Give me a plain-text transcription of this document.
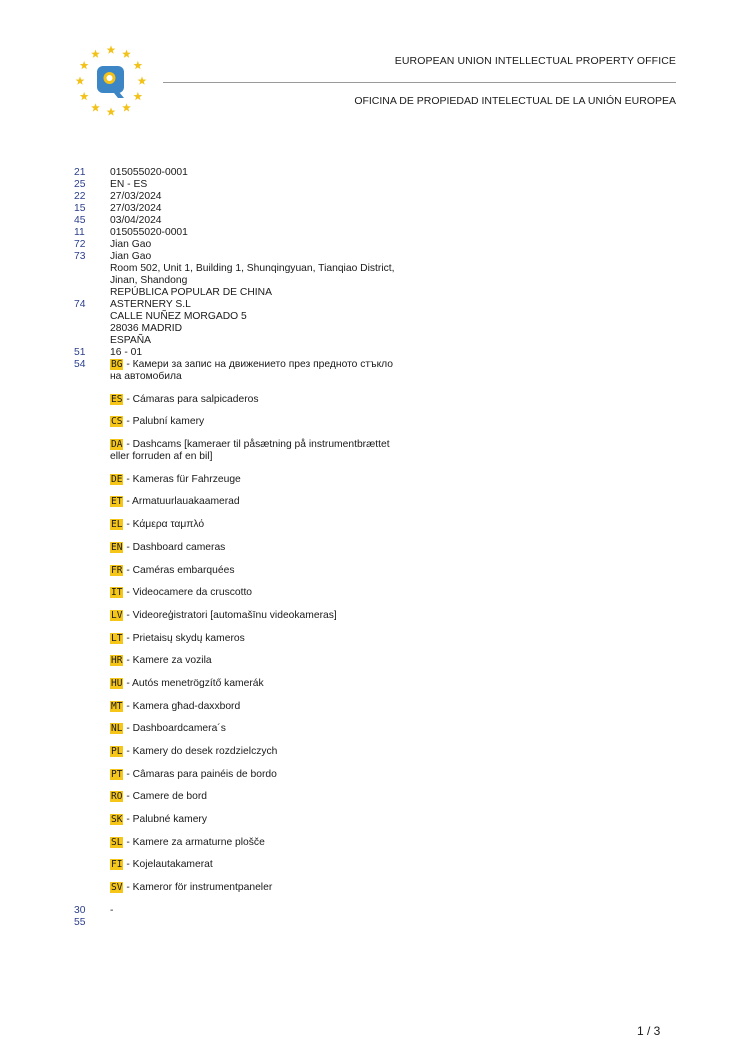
EUROPEAN UNION INTELLECTUAL PROPERTY OFFICE
OFICINA DE PROPIEDAD INTELECTUAL DE LA UNIÓN EUROPEA
21	015055020-0001
25	EN - ES
22	27/03/2024
15	27/03/2024
45	03/04/2024
11	015055020-0001
72	Jian Gao
73	Jian Gao
Room 502, Unit 1, Building 1, Shunqingyuan, Tianqiao District,
Jinan, Shandong
REPÚBLICA POPULAR DE CHINA
74	ASTERNERY S.L
CALLE NUÑEZ MORGADO 5
28036 MADRID
ESPAÑA
51	16 - 01
54	BG - Камери за запис на движението през предното стъкло
на автомобила
ES - Cámaras para salpicaderos
CS - Palubní kamery
DA - Dashcams [kameraer til påsætning på instrumentbrættet
eller forruden af en bil]
DE - Kameras für Fahrzeuge
ET - Armatuurlauakaamerad
EL - Κάμερα ταμπλό
EN - Dashboard cameras
FR - Caméras embarquées
IT - Videocamere da cruscotto
LV - Videoreģistratori [automašīnu videokameras]
LT - Prietaisų skydų kameros
HR - Kamere za vozila
HU - Autós menetrögzítő kamerák
MT - Kamera għad-daxxbord
NL - Dashboardcamera´s
PL - Kamery do desek rozdzielczych
PT - Câmaras para painéis de bordo
RO - Camere de bord
SK - Palubné kamery
SL - Kamere za armaturne plošče
FI - Kojelautakamerat
SV - Kameror för instrumentpaneler
30	-
55
1 / 3
